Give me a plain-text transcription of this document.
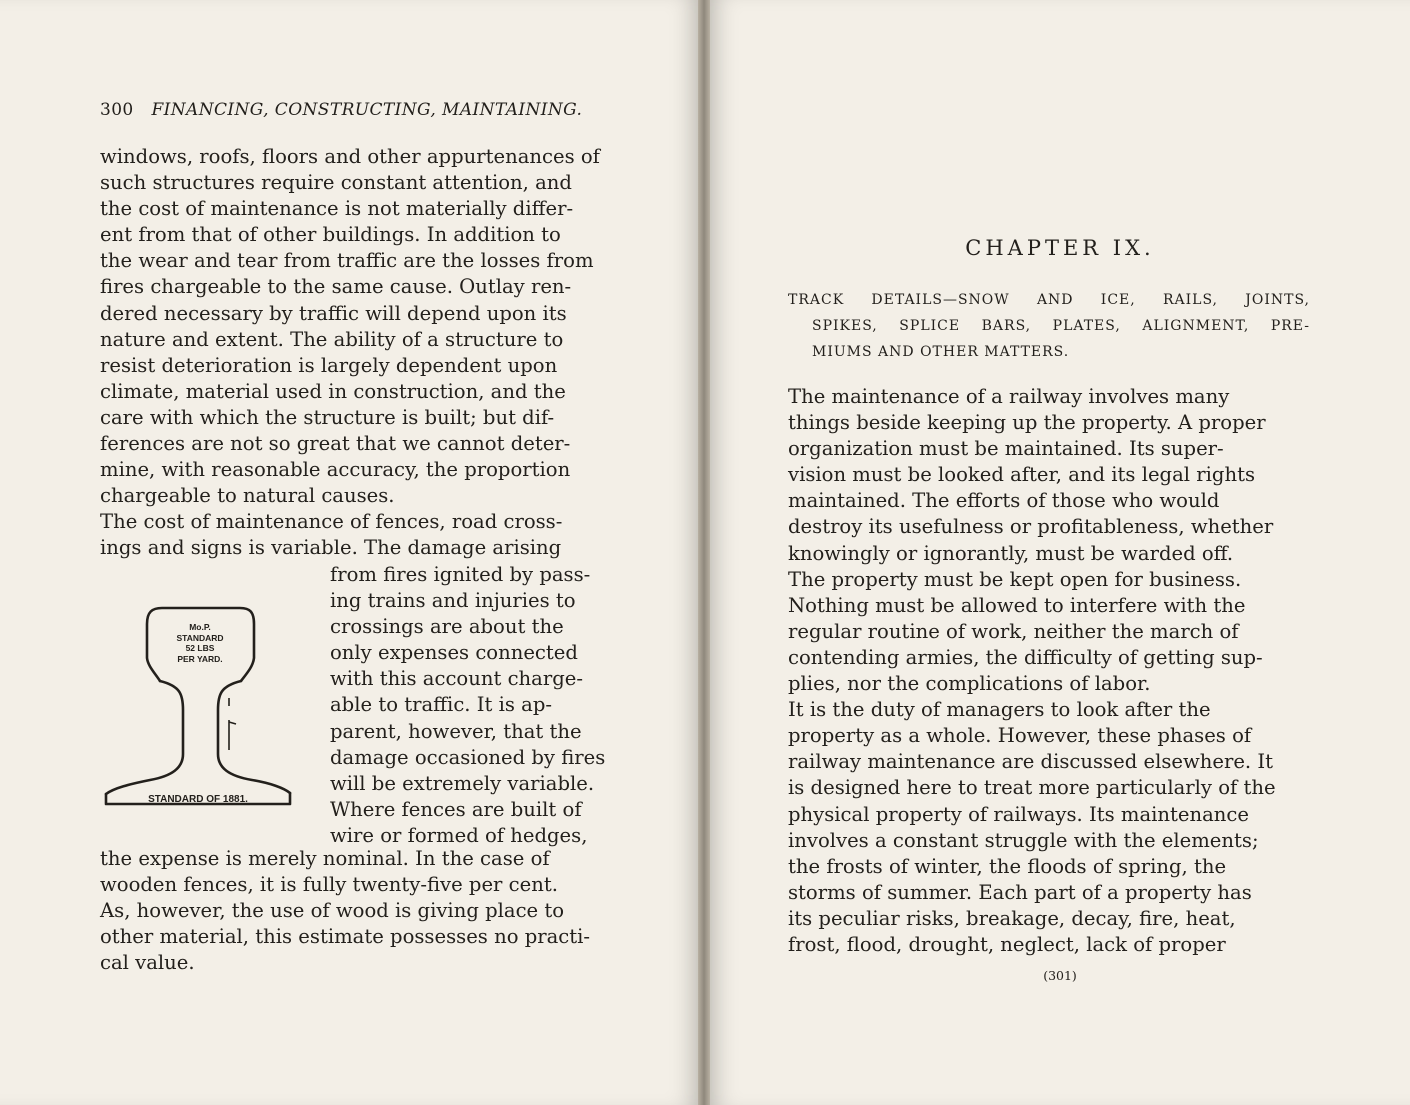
300 FINANCING, CONSTRUCTING, MAINTAINING.
windows, roofs, floors and other appurtenances of
such structures require constant attention, and
the cost of maintenance is not materially differ-
ent from that of other buildings. In addition to
the wear and tear from traffic are the losses from
fires chargeable to the same cause. Outlay ren-
dered necessary by traffic will depend upon its
nature and extent. The ability of a structure to
resist deterioration is largely dependent upon
climate, material used in construction, and the
care with which the structure is built; but dif-
ferences are not so great that we cannot deter-
mine, with reasonable accuracy, the proportion
chargeable to natural causes.
The cost of maintenance of fences, road cross-
ings and signs is variable. The damage arising
Mo.P.
STANDARD
52 LBS
PER YARD.
STANDARD OF 1881.
from fires ignited by pass-
ing trains and injuries to
crossings are about the
only expenses connected
with this account charge-
able to traffic. It is ap-
parent, however, that the
damage occasioned by fires
will be extremely variable.
Where fences are built of
wire or formed of hedges,
the expense is merely nominal. In the case of
wooden fences, it is fully twenty-five per cent.
As, however, the use of wood is giving place to
other material, this estimate possesses no practi-
cal value.
CHAPTER IX.
TRACK DETAILS—SNOW AND ICE, RAILS, JOINTS,
SPIKES, SPLICE BARS, PLATES, ALIGNMENT, PRE-
MIUMS AND OTHER MATTERS.
The maintenance of a railway involves many
things beside keeping up the property. A proper
organization must be maintained. Its super-
vision must be looked after, and its legal rights
maintained. The efforts of those who would
destroy its usefulness or profitableness, whether
knowingly or ignorantly, must be warded off.
The property must be kept open for business.
Nothing must be allowed to interfere with the
regular routine of work, neither the march of
contending armies, the difficulty of getting sup-
plies, nor the complications of labor.
It is the duty of managers to look after the
property as a whole. However, these phases of
railway maintenance are discussed elsewhere. It
is designed here to treat more particularly of the
physical property of railways. Its maintenance
involves a constant struggle with the elements;
the frosts of winter, the floods of spring, the
storms of summer. Each part of a property has
its peculiar risks, breakage, decay, fire, heat,
frost, flood, drought, neglect, lack of proper
(301)
